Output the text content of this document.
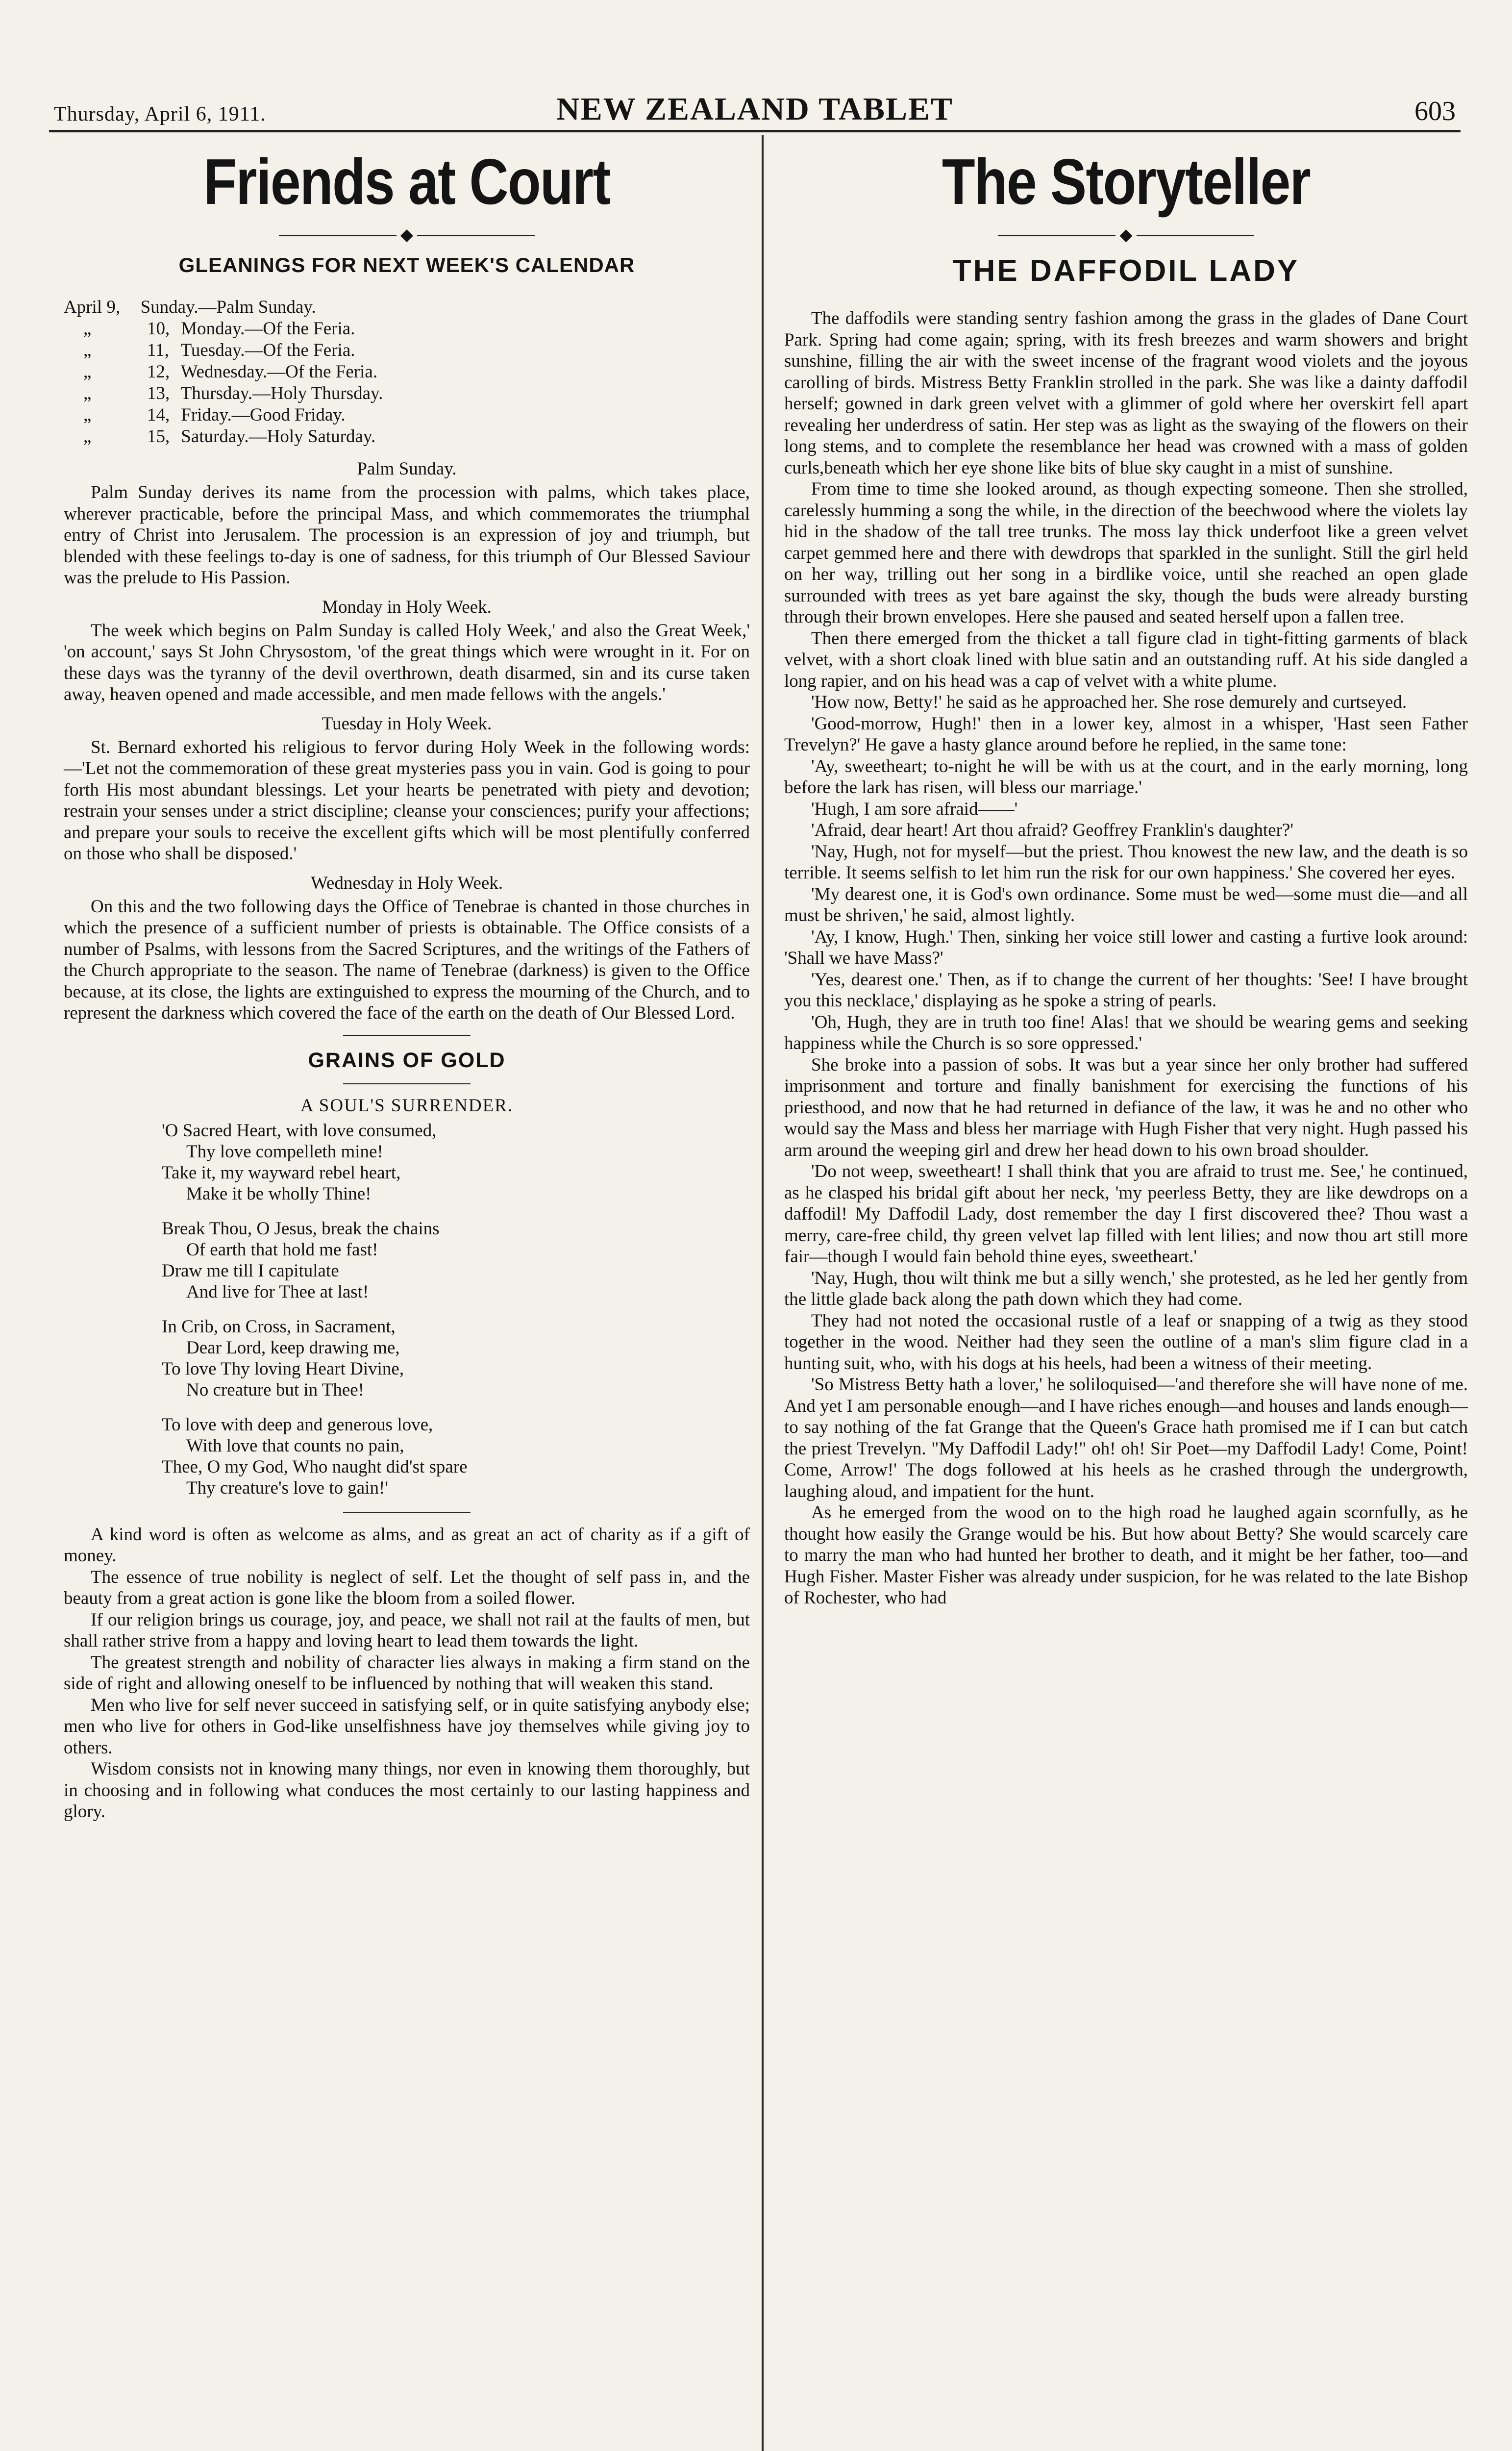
Thursday, April 6, 1911.	NEW ZEALAND TABLET	603
Friends at Court
◆
GLEANINGS FOR NEXT WEEK'S CALENDAR
April 9, Sunday.—Palm Sunday.
„	10, Monday.—Of the Feria.
„	11, Tuesday.—Of the Feria.
„	12, Wednesday.—Of the Feria.
„	13, Thursday.—Holy Thursday.
„	14, Friday.—Good Friday.
„	15, Saturday.—Holy Saturday.
Palm Sunday.

Palm Sunday derives its name from the procession with palms, which takes place, wherever practicable, before the principal Mass, and which commemorates the triumphal entry of Christ into Jerusalem. The procession is an expression of joy and triumph, but blended with these feelings to-day is one of sadness, for this triumph of Our Blessed Saviour was the prelude to His Passion.

Monday in Holy Week.

The week which begins on Palm Sunday is called Holy Week,' and also the Great Week,' 'on account,' says St John Chrysostom, 'of the great things which were wrought in it. For on these days was the tyranny of the devil overthrown, death disarmed, sin and its curse taken away, heaven opened and made accessible, and men made fellows with the angels.'

Tuesday in Holy Week.

St. Bernard exhorted his religious to fervor during Holy Week in the following words:—'Let not the commemoration of these great mysteries pass you in vain. God is going to pour forth His most abundant blessings. Let your hearts be penetrated with piety and devotion; restrain your senses under a strict discipline; cleanse your consciences; purify your affections; and prepare your souls to receive the excellent gifts which will be most plentifully conferred on those who shall be disposed.'

Wednesday in Holy Week.

On this and the two following days the Office of Tenebrae is chanted in those churches in which the presence of a sufficient number of priests is obtainable. The Office consists of a number of Psalms, with lessons from the Sacred Scriptures, and the writings of the Fathers of the Church appropriate to the season. The name of Tenebrae (darkness) is given to the Office because, at its close, the lights are extinguished to express the mourning of the Church, and to represent the darkness which covered the face of the earth on the death of Our Blessed Lord.

GRAINS OF GOLD
A SOUL'S SURRENDER.
'O Sacred Heart, with love consumed,
Thy love compelleth mine!
Take it, my wayward rebel heart,
Make it be wholly Thine!
Break Thou, O Jesus, break the chains
Of earth that hold me fast!
Draw me till I capitulate
And live for Thee at last!
In Crib, on Cross, in Sacrament,
Dear Lord, keep drawing me,
To love Thy loving Heart Divine,
No creature but in Thee!
To love with deep and generous love,
With love that counts no pain,
Thee, O my God, Who naught did'st spare
Thy creature's love to gain!'

A kind word is often as welcome as alms, and as great an act of charity as if a gift of money.

The essence of true nobility is neglect of self. Let the thought of self pass in, and the beauty from a great action is gone like the bloom from a soiled flower.

If our religion brings us courage, joy, and peace, we shall not rail at the faults of men, but shall rather strive from a happy and loving heart to lead them towards the light.

The greatest strength and nobility of character lies always in making a firm stand on the side of right and allowing oneself to be influenced by nothing that will weaken this stand.

Men who live for self never succeed in satisfying self, or in quite satisfying anybody else; men who live for others in God-like unselfishness have joy themselves while giving joy to others.

Wisdom consists not in knowing many things, nor even in knowing them thoroughly, but in choosing and in following what conduces the most certainly to our lasting happiness and glory.

The Storyteller
◆
THE DAFFODIL LADY

The daffodils were standing sentry fashion among the grass in the glades of Dane Court Park. Spring had come again; spring, with its fresh breezes and warm showers and bright sunshine, filling the air with the sweet incense of the fragrant wood violets and the joyous carolling of birds. Mistress Betty Franklin strolled in the park. She was like a dainty daffodil herself; gowned in dark green velvet with a glimmer of gold where her overskirt fell apart revealing her underdress of satin. Her step was as light as the swaying of the flowers on their long stems, and to complete the resemblance her head was crowned with a mass of golden curls,beneath which her eye shone like bits of blue sky caught in a mist of sunshine.

From time to time she looked around, as though expecting someone. Then she strolled, carelessly humming a song the while, in the direction of the beechwood where the violets lay hid in the shadow of the tall tree trunks. The moss lay thick underfoot like a green velvet carpet gemmed here and there with dewdrops that sparkled in the sunlight. Still the girl held on her way, trilling out her song in a birdlike voice, until she reached an open glade surrounded with trees as yet bare against the sky, though the buds were already bursting through their brown envelopes. Here she paused and seated herself upon a fallen tree.

Then there emerged from the thicket a tall figure clad in tight-fitting garments of black velvet, with a short cloak lined with blue satin and an outstanding ruff. At his side dangled a long rapier, and on his head was a cap of velvet with a white plume.

'How now, Betty!' he said as he approached her. She rose demurely and curtseyed.

'Good-morrow, Hugh!' then in a lower key, almost in a whisper, 'Hast seen Father Trevelyn?' He gave a hasty glance around before he replied, in the same tone:

'Ay, sweetheart; to-night he will be with us at the court, and in the early morning, long before the lark has risen, will bless our marriage.'

'Hugh, I am sore afraid——'

'Afraid, dear heart! Art thou afraid? Geoffrey Franklin's daughter?'

'Nay, Hugh, not for myself—but the priest. Thou knowest the new law, and the death is so terrible. It seems selfish to let him run the risk for our own happiness.' She covered her eyes.

'My dearest one, it is God's own ordinance. Some must be wed—some must die—and all must be shriven,' he said, almost lightly.

'Ay, I know, Hugh.' Then, sinking her voice still lower and casting a furtive look around: 'Shall we have Mass?'

'Yes, dearest one.' Then, as if to change the current of her thoughts: 'See! I have brought you this necklace,' displaying as he spoke a string of pearls.

'Oh, Hugh, they are in truth too fine! Alas! that we should be wearing gems and seeking happiness while the Church is so sore oppressed.'

She broke into a passion of sobs. It was but a year since her only brother had suffered imprisonment and torture and finally banishment for exercising the functions of his priesthood, and now that he had returned in defiance of the law, it was he and no other who would say the Mass and bless her marriage with Hugh Fisher that very night. Hugh passed his arm around the weeping girl and drew her head down to his own broad shoulder.

'Do not weep, sweetheart! I shall think that you are afraid to trust me. See,' he continued, as he clasped his bridal gift about her neck, 'my peerless Betty, they are like dewdrops on a daffodil! My Daffodil Lady, dost remember the day I first discovered thee? Thou wast a merry, care-free child, thy green velvet lap filled with lent lilies; and now thou art still more fair—though I would fain behold thine eyes, sweetheart.'

'Nay, Hugh, thou wilt think me but a silly wench,' she protested, as he led her gently from the little glade back along the path down which they had come.

They had not noted the occasional rustle of a leaf or snapping of a twig as they stood together in the wood. Neither had they seen the outline of a man's slim figure clad in a hunting suit, who, with his dogs at his heels, had been a witness of their meeting.

'So Mistress Betty hath a lover,' he soliloquised—'and therefore she will have none of me. And yet I am personable enough—and I have riches enough—and houses and lands enough—to say nothing of the fat Grange that the Queen's Grace hath promised me if I can but catch the priest Trevelyn. "My Daffodil Lady!" oh! oh! Sir Poet—my Daffodil Lady! Come, Point! Come, Arrow!' The dogs followed at his heels as he crashed through the undergrowth, laughing aloud, and impatient for the hunt.

As he emerged from the wood on to the high road he laughed again scornfully, as he thought how easily the Grange would be his. But how about Betty? She would scarcely care to marry the man who had hunted her brother to death, and it might be her father, too—and Hugh Fisher. Master Fisher was already under suspicion, for he was related to the late Bishop of Rochester, who had
